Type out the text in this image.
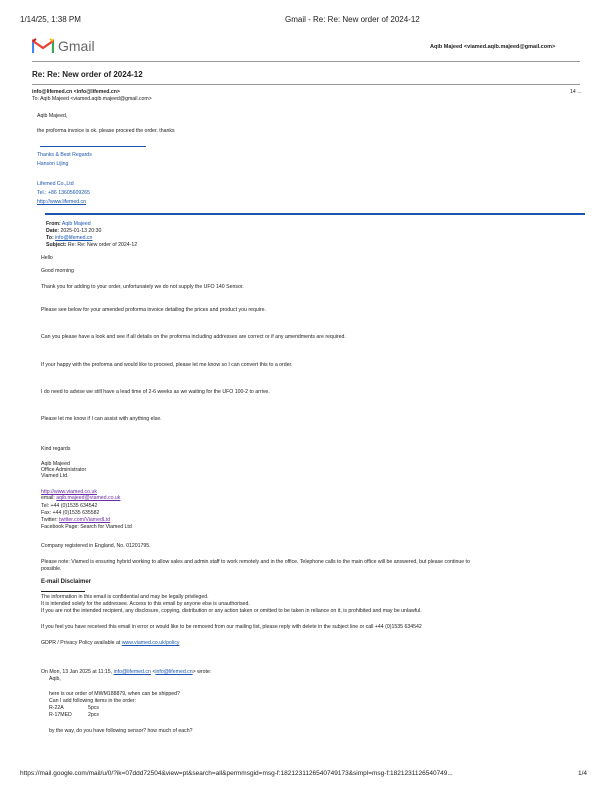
1/14/25, 1:38 PM	Gmail - Re: Re: New order of 2024-12
Gmail	Aqib Majeed <viamed.aqib.majeed@gmail.com>
Re: Re: New order of 2024-12
info@lifemed.cn <info@lifemed.cn>	14 ...
To: Aqib Majeed <viamed.aqib.majeed@gmail.com>
Aqib Majeed,
the proforma invoice is ok. please proceed the order. thanks
Thanks & Best Regards
Hanson Lijing
Lifemed Co.,Ltd
Tel.: +86 13605609265
http://www.lifemed.cn
From: Aqib Majeed
Date: 2025-01-13 20:30
To: info@lifemed.cn
Subject: Re: Re: New order of 2024-12
Hello
Good morning
Thank you for adding to your order, unfortunately we do not supply the UFO 140 Sensor.
Please see below for your amended proforma invoice detailing the prices and product you require.
Can you please have a look and see if all details on the proforma including addresses are correct or if any amendments are required.
If your happy with the proforma and would like to proceed, please let me know so I can convert this to a order.
I do need to advise we still have a lead time of 2-6 weeks as we waiting for the UFO 100-2 to arrive.
Please let me know if I can assist with anything else.
Kind regards
Aqib Majeed
Office Administrator
Viamed Ltd.
http://www.viamed.co.uk
email: aqib.majeed@viamed.co.uk
Tel: +44 (0)1535 634542
Fax: +44 (0)1535 635582
Twitter: twitter.com/ViamedLtd
Facebook Page: Search for Viamed Ltd
Company registered in England, No. 01201795.
Please note: Viamed is ensuring hybrid working to allow sales and admin staff to work remotely and in the office. Telephone calls to the main office will be answered, but please continue to
possible.
E-mail Disclaimer
The information in this email is confidential and may be legally privileged.
It is intended solely for the addressee. Access to this email by anyone else is unauthorised.
If you are not the intended recipient, any disclosure, copying, distribution or any action taken or omitted to be taken in reliance on it, is prohibited and may be unlawful.
If you feel you have received this email in error or would like to be removed from our mailing list, please reply with delete in the subject line or call +44 (0)1535 634542
GDPR / Privacy Policy available at www.viamed.co.uk/policy
On Mon, 13 Jan 2025 at 11:15, info@lifemed.cn <info@lifemed.cn> wrote:
Aqib,
here is our order of MWM188879, when can be shipped?
Can I add following items in the order:
R-22A	5pcs
R-17MED	2pcs
by the way, do you have following sensor? how much of each?
https://mail.google.com/mail/u/0/?ik=07ddd72504&view=pt&search=all&permmsgid=msg-f:1821231126540749173&simpl=msg-f:1821231126540749...	1/4
